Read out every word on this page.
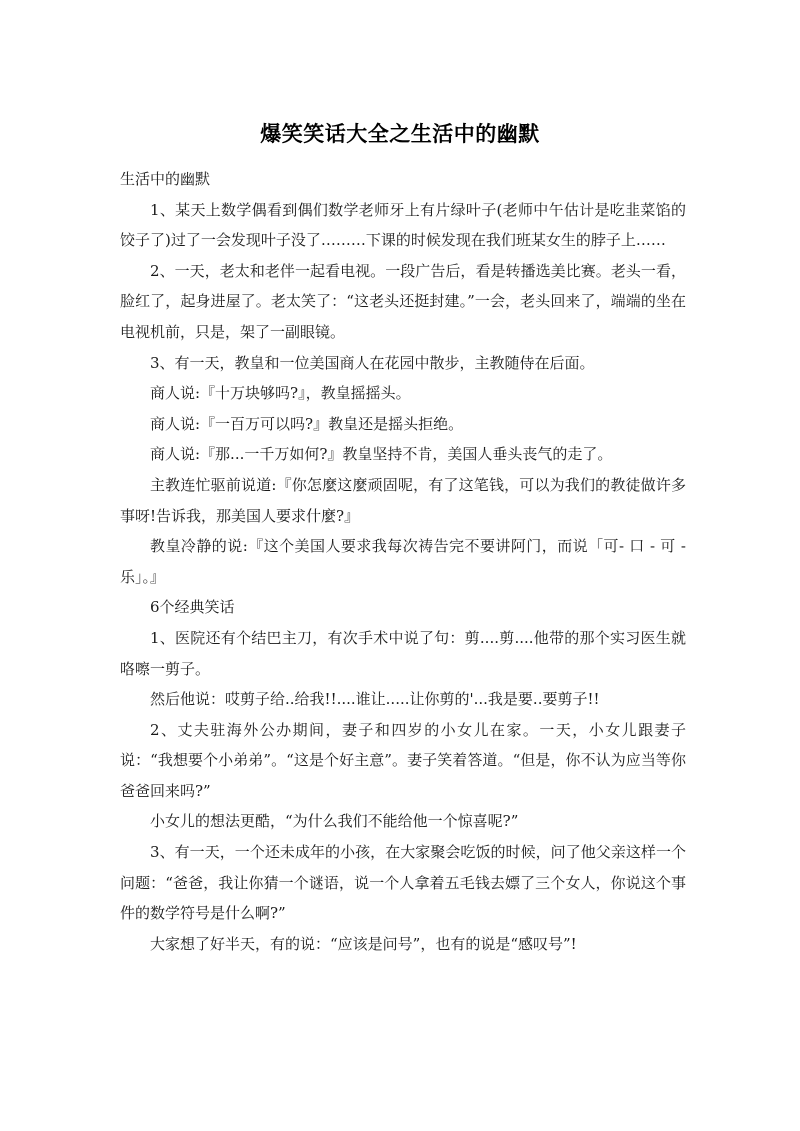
爆笑笑话大全之生活中的幽默

生活中的幽默

1、某天上数学偶看到偶们数学老师牙上有片绿叶子(老师中午估计是吃韭菜馅的饺子了)过了一会发现叶子没了………下课的时候发现在我们班某女生的脖子上……

2、一天，老太和老伴一起看电视。一段广告后，看是转播选美比赛。老头一看，脸红了，起身进屋了。老太笑了：“这老头还挺封建。”一会，老头回来了，端端的坐在电视机前，只是，架了一副眼镜。

3、有一天，教皇和一位美国商人在花园中散步，主教随侍在后面。

商人说:『十万块够吗?』，教皇摇摇头。

商人说:『一百万可以吗?』教皇还是摇头拒绝。

商人说:『那...一千万如何?』教皇坚持不肯，美国人垂头丧气的走了。

主教连忙驱前说道:『你怎麼这麼顽固呢，有了这笔钱，可以为我们的教徒做许多事呀!告诉我，那美国人要求什麼?』

教皇冷静的说:『这个美国人要求我每次祷告完不要讲阿门，而说「可- 口 - 可 - 乐」。』

6个经典笑话

1、医院还有个结巴主刀，有次手术中说了句：剪....剪....他带的那个实习医生就咯嚓一剪子。

然后他说：哎剪子给..给我!!....谁让.....让你剪的'...我是要..要剪子!!

2、丈夫驻海外公办期间，妻子和四岁的小女儿在家。一天，小女儿跟妻子说：“我想要个小弟弟”。“这是个好主意”。妻子笑着答道。“但是，你不认为应当等你爸爸回来吗?”

小女儿的想法更酷，“为什么我们不能给他一个惊喜呢?”

3、有一天，一个还未成年的小孩，在大家聚会吃饭的时候，问了他父亲这样一个问题：“爸爸，我让你猜一个谜语，说一个人拿着五毛钱去嫖了三个女人，你说这个事件的数学符号是什么啊?”

大家想了好半天，有的说：“应该是问号”，也有的说是“感叹号”!
